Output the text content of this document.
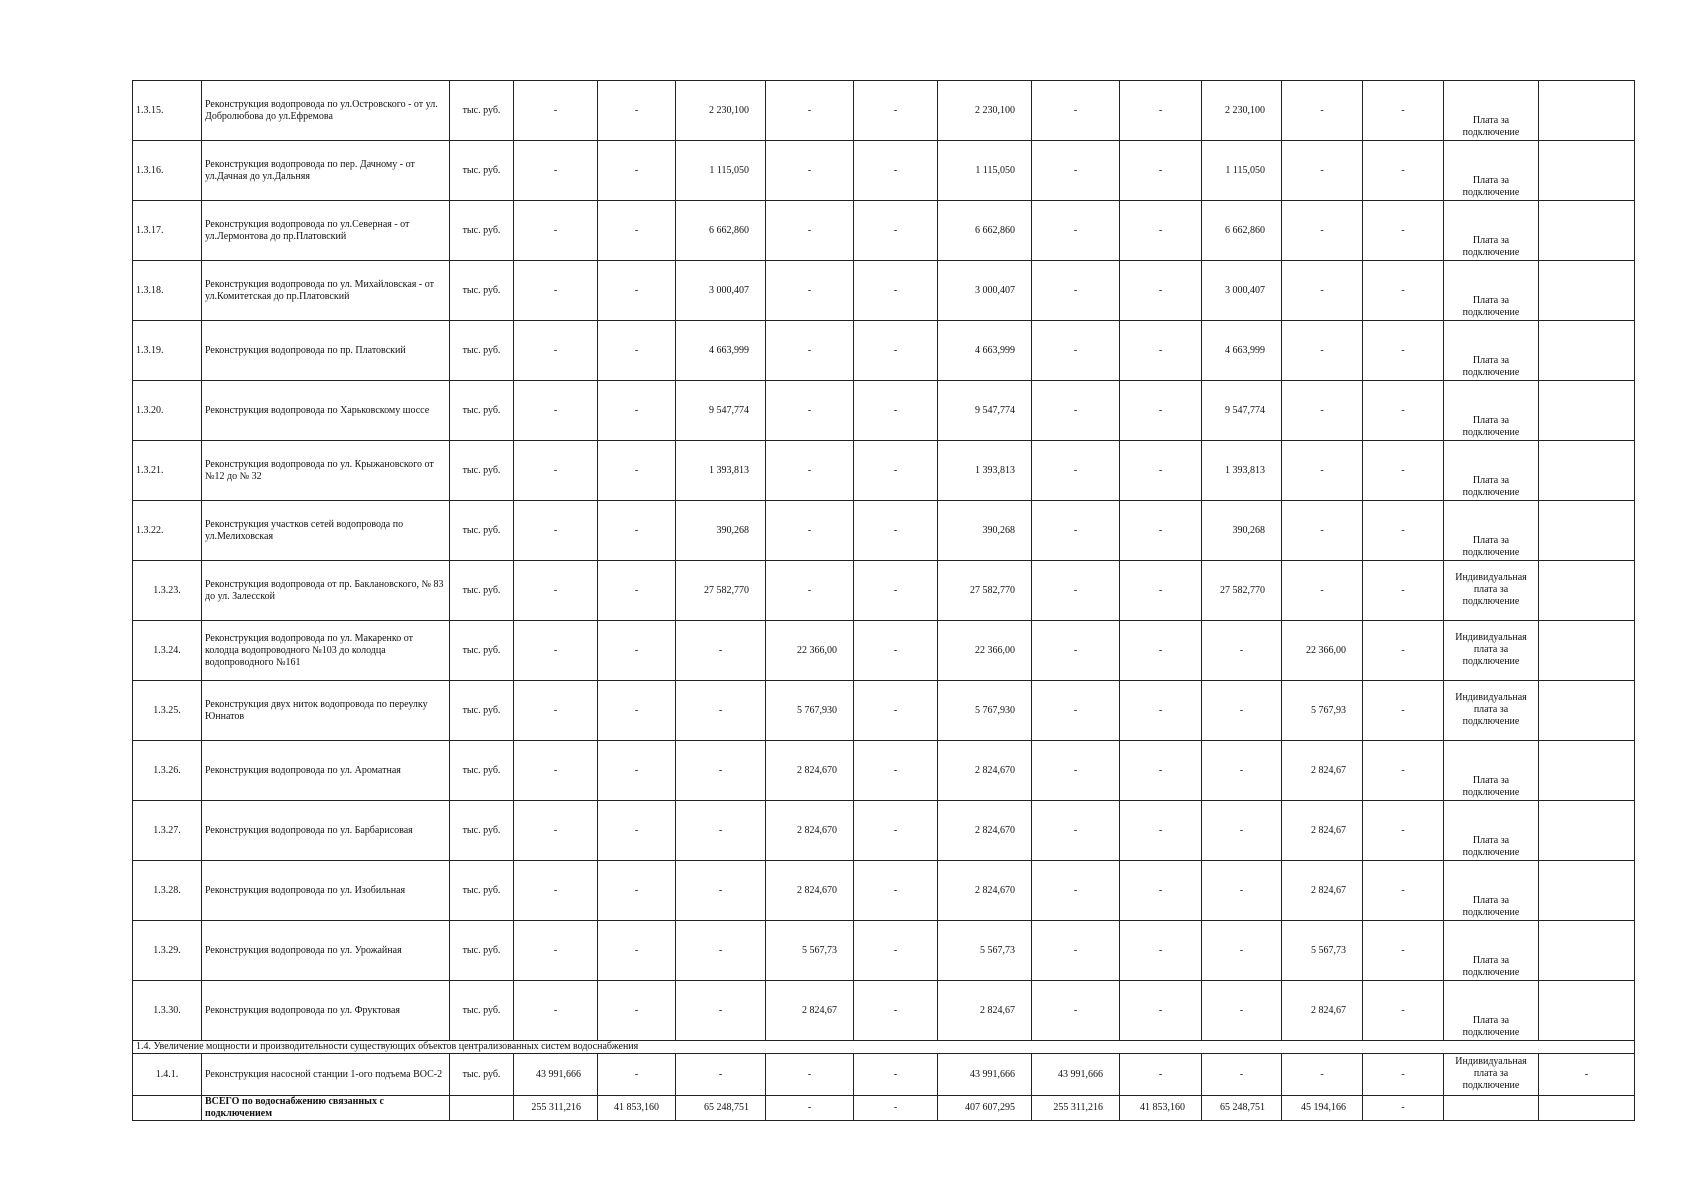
1.3.15.	Реконструкция водопровода по ул.Островского - от ул. Добролюбова до ул.Ефремова	тыс. руб.	-	-	2 230,100	-	-	2 230,100	-	-	2 230,100	-	-	Плата за подключение	
1.3.16.	Реконструкция водопровода по пер. Дачному - от ул.Дачная до ул.Дальняя	тыс. руб.	-	-	1 115,050	-	-	1 115,050	-	-	1 115,050	-	-	Плата за подключение	
1.3.17.	Реконструкция водопровода по ул.Северная - от ул.Лермонтова до пр.Платовский	тыс. руб.	-	-	6 662,860	-	-	6 662,860	-	-	6 662,860	-	-	Плата за подключение	
1.3.18.	Реконструкция водопровода по ул. Михайловская - от ул.Комитетская до пр.Платовский	тыс. руб.	-	-	3 000,407	-	-	3 000,407	-	-	3 000,407	-	-	Плата за подключение	
1.3.19.	Реконструкция водопровода по пр. Платовский	тыс. руб.	-	-	4 663,999	-	-	4 663,999	-	-	4 663,999	-	-	Плата за подключение	
1.3.20.	Реконструкция водопровода по Харьковскому шоссе	тыс. руб.	-	-	9 547,774	-	-	9 547,774	-	-	9 547,774	-	-	Плата за подключение	
1.3.21.	Реконструкция водопровода по ул. Крыжановского от №12 до № 32	тыс. руб.	-	-	1 393,813	-	-	1 393,813	-	-	1 393,813	-	-	Плата за подключение	
1.3.22.	Реконструкция участков сетей водопровода по ул.Мелиховская	тыс. руб.	-	-	390,268	-	-	390,268	-	-	390,268	-	-	Плата за подключение	
1.3.23.	Реконструкция водопровода от пр. Баклановского, № 83 до ул. Залесской	тыс. руб.	-	-	27 582,770	-	-	27 582,770	-	-	27 582,770	-	-	Индивидуальная плата за подключение	
1.3.24.	Реконструкция водопровода по ул. Макаренко от колодца водопроводного №103 до колодца водопроводного №161	тыс. руб.	-	-	-	22 366,00	-	22 366,00	-	-	-	22 366,00	-	Индивидуальная плата за подключение	
1.3.25.	Реконструкция двух ниток водопровода по переулку Юннатов	тыс. руб.	-	-	-	5 767,930	-	5 767,930	-	-	-	5 767,93	-	Индивидуальная плата за подключение	
1.3.26.	Реконструкция водопровода по ул. Ароматная	тыс. руб.	-	-	-	2 824,670	-	2 824,670	-	-	-	2 824,67	-	Плата за подключение	
1.3.27.	Реконструкция водопровода по ул. Барбарисовая	тыс. руб.	-	-	-	2 824,670	-	2 824,670	-	-	-	2 824,67	-	Плата за подключение	
1.3.28.	Реконструкция водопровода по ул. Изобильная	тыс. руб.	-	-	-	2 824,670	-	2 824,670	-	-	-	2 824,67	-	Плата за подключение	
1.3.29.	Реконструкция водопровода по ул. Урожайная	тыс. руб.	-	-	-	5 567,73	-	5 567,73	-	-	-	5 567,73	-	Плата за подключение	
1.3.30.	Реконструкция водопровода по ул. Фруктовая	тыс. руб.	-	-	-	2 824,67	-	2 824,67	-	-	-	2 824,67	-	Плата за подключение	
1.4. Увеличение мощности и производительности существующих объектов централизованных систем водоснабжения															
1.4.1.	Реконструкция насосной станции 1-ого подъема ВОС-2	тыс. руб.	43 991,666	-	-	-	-	43 991,666	43 991,666	-	-	-	-	Индивидуальная плата за подключение	-
	ВСЕГО по водоснабжению связанных с подключением		255 311,216	41 853,160	65 248,751	-	-	407 607,295	255 311,216	41 853,160	65 248,751	45 194,166	-		
